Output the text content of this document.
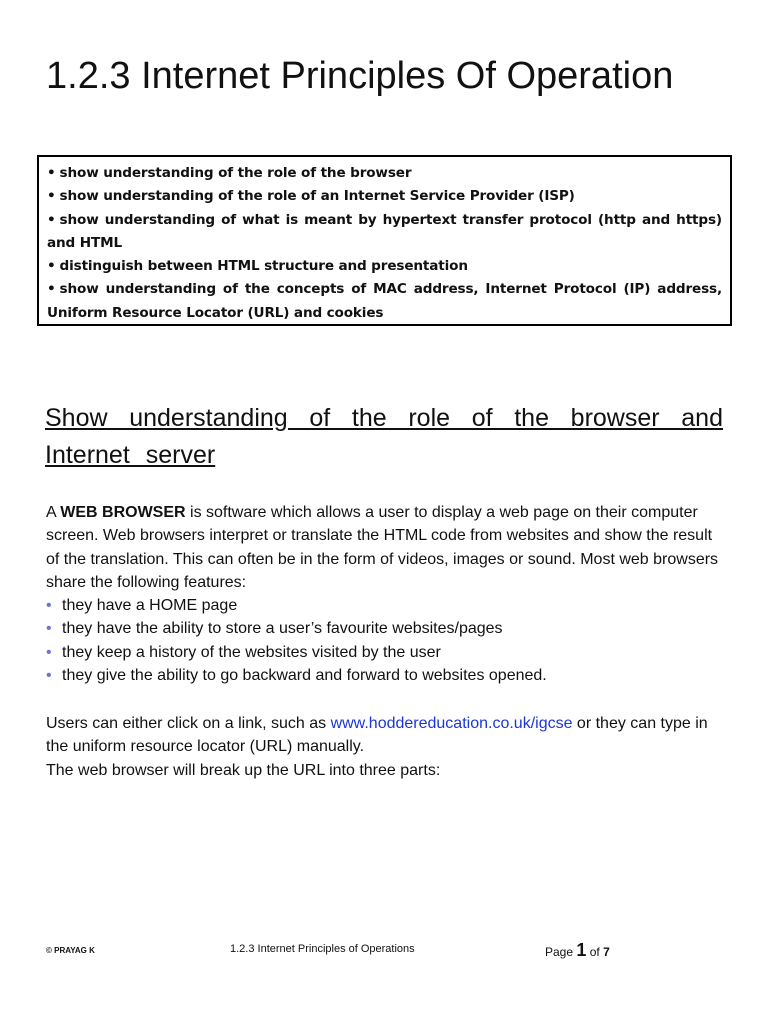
1.2.3 Internet Principles Of Operation
• show understanding of the role of the browser
• show understanding of the role of an Internet Service Provider (ISP)
• show understanding of what is meant by hypertext transfer protocol (http and https) and HTML
• distinguish between HTML structure and presentation
• show understanding of the concepts of MAC address, Internet Protocol (IP) address, Uniform Resource Locator (URL) and cookies
Show understanding of the role of the browser and Internet server

A WEB BROWSER is software which allows a user to display a web page on their computer screen. Web browsers interpret or translate the HTML code from websites and show the result of the translation. This can often be in the form of videos, images or sound. Most web browsers share the following features:

• they have a HOME page
• they have the ability to store a user’s favourite websites/pages
• they keep a history of the websites visited by the user
• they give the ability to go backward and forward to websites opened.

Users can either click on a link, such as www.hoddereducation.co.uk/igcse or they can type in the uniform resource locator (URL) manually.
The web browser will break up the URL into three parts:

© PRAYAG K	1.2.3 Internet Principles of Operations	Page 1 of 7
